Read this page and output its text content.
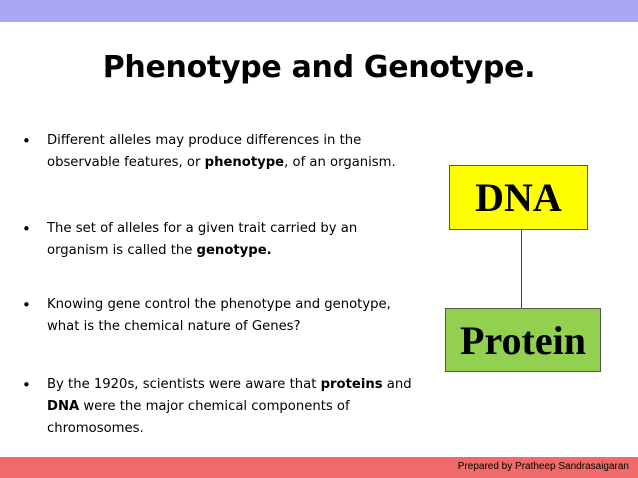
Phenotype and Genotype.
• Different alleles may produce differences in the observable features, or phenotype, of an organism.
• The set of alleles for a given trait carried by an organism is called the genotype.
• Knowing gene control the phenotype and genotype, what is the chemical nature of Genes?
• By the 1920s, scientists were aware that proteins and DNA were the major chemical components of chromosomes.
DNA
Protein
Prepared by Pratheep Sandrasaigaran
